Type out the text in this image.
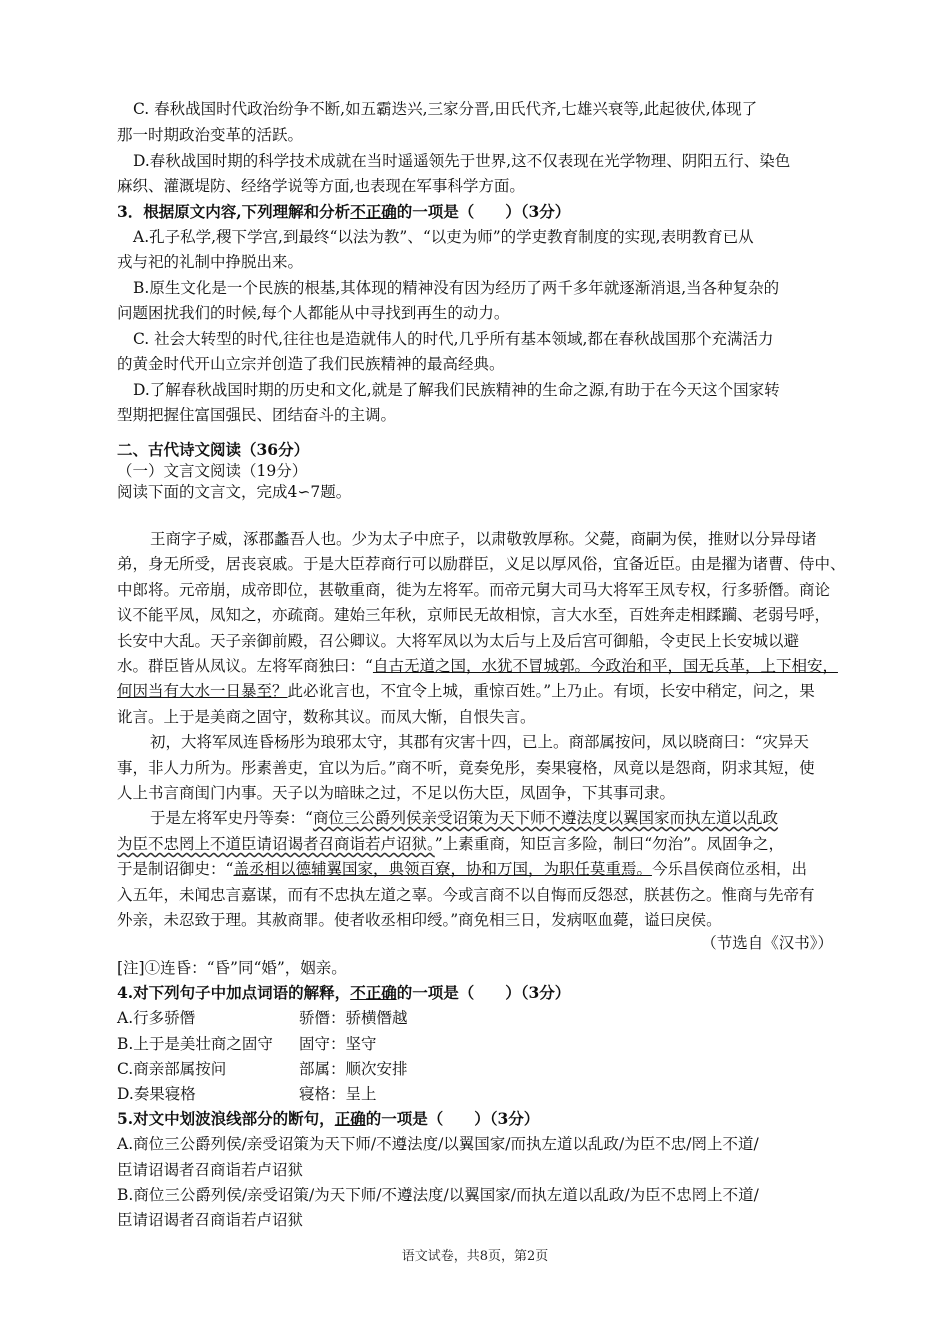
C. 春秋战国时代政治纷争不断,如五霸迭兴,三家分晋,田氏代齐,七雄兴衰等,此起彼伏,体现了
那一时期政治变革的活跃。
D.春秋战国时期的科学技术成就在当时遥遥领先于世界,这不仅表现在光学物理、阴阳五行、染色
麻织、灌溉堤防、经络学说等方面,也表现在军事科学方面。
3．根据原文内容,下列理解和分析不正确的一项是（　　）（3分）
A.孔子私学,稷下学宫,到最终“以法为教”、“以吏为师”的学吏教育制度的实现,表明教育已从
戎与祀的礼制中挣脱出来。
B.原生文化是一个民族的根基,其体现的精神没有因为经历了两千多年就逐渐消退,当各种复杂的
问题困扰我们的时候,每个人都能从中寻找到再生的动力。
C. 社会大转型的时代,往往也是造就伟人的时代,几乎所有基本领域,都在春秋战国那个充满活力
的黄金时代开山立宗并创造了我们民族精神的最高经典。
D.了解春秋战国时期的历史和文化,就是了解我们民族精神的生命之源,有助于在今天这个国家转
型期把握住富国强民、团结奋斗的主调。
二、古代诗文阅读（36分）
（一）文言文阅读（19分）
阅读下面的文言文，完成4∽7题。
王商字子威，涿郡蠡吾人也。少为太子中庶子，以肃敬敦厚称。父薨，商嗣为侯，推财以分异母诸
弟，身无所受，居丧哀戚。于是大臣荐商行可以励群臣，义足以厚风俗，宜备近臣。由是擢为诸曹、侍中、
中郎将。元帝崩，成帝即位，甚敬重商，徙为左将军。而帝元舅大司马大将军王凤专权，行多骄僭。商论
议不能平凤，凤知之，亦疏商。建始三年秋，京师民无故相惊，言大水至，百姓奔走相蹂躏、老弱号呼，
长安中大乱。天子亲御前殿，召公卿议。大将军凤以为太后与上及后宫可御船，令吏民上长安城以避
水。群臣皆从凤议。左将军商独曰：“自古无道之国，水犹不冒城郭。今政治和平，国无兵革，上下相安，
何因当有大水一日暴至？此必讹言也，不宜令上城，重惊百姓。”上乃止。有顷，长安中稍定，问之，果
讹言。上于是美商之固守，数称其议。而凤大惭，自恨失言。
初，大将军凤连昏杨彤为琅邪太守，其郡有灾害十四，已上。商部属按问，凤以晓商曰：“灾异天
事，非人力所为。彤素善吏，宜以为后。”商不听，竟奏免彤，奏果寝格，凤竟以是怨商，阴求其短，使
人上书言商闺门内事。天子以为暗昧之过，不足以伤大臣，凤固争，下其事司隶。
于是左将军史丹等奏：“商位三公爵列侯亲受诏策为天下师不遵法度以翼国家而执左道以乱政
为臣不忠罔上不道臣请诏谒者召商诣若卢诏狱。”上素重商，知臣言多险，制曰“勿治”。凤固争之，
于是制诏御史：“盖丞相以德辅翼国家，典领百寮，协和万国，为职任莫重焉。今乐昌侯商位丞相，出
入五年，未闻忠言嘉谋，而有不忠执左道之辜。今或言商不以自悔而反怨怼，朕甚伤之。惟商与先帝有
外亲，未忍致于理。其赦商罪。使者收丞相印绶。”商免相三日，发病呕血薨，谥曰戾侯。
（节选自《汉书》）
[注]①连昏：“昏”同“婚”，姻亲。
4.对下列句子中加点词语的解释，不正确的一项是（　　）（3分）
A.行多骄僭	骄僭：骄横僭越
B.上于是美壮商之固守 固守：坚守
C.商亲部属按问	部属：顺次安排
D.奏果寝格	寝格：呈上
5.对文中划波浪线部分的断句，正确的一项是（　　）（3分）
A.商位三公爵列侯/亲受诏策为天下师/不遵法度/以翼国家/而执左道以乱政/为臣不忠/罔上不道/
臣请诏谒者召商诣若卢诏狱
B.商位三公爵列侯/亲受诏策/为天下师/不遵法度/以翼国家/而执左道以乱政/为臣不忠罔上不道/
臣请诏谒者召商诣若卢诏狱
语文试卷，共8页，第2页
